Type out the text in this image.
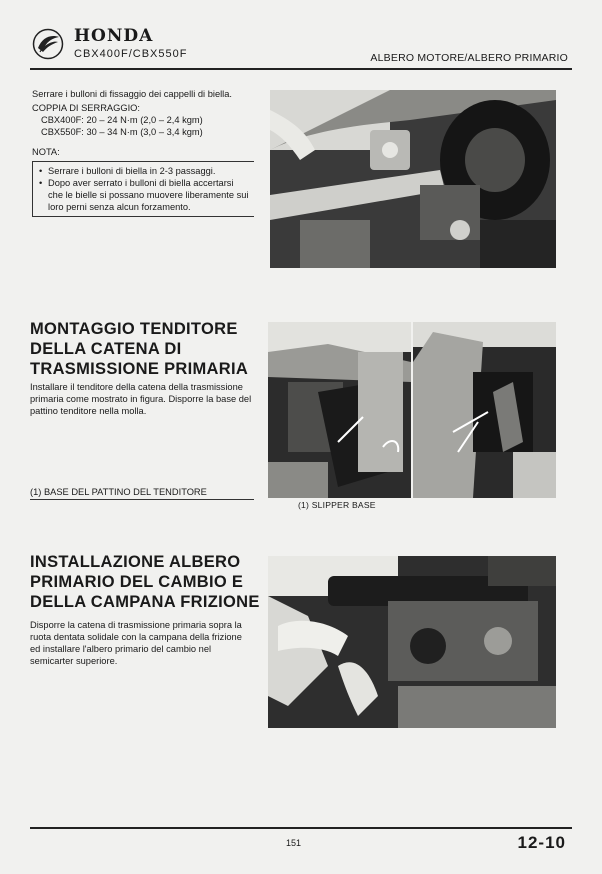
HONDA
CBX400F/CBX550F	ALBERO MOTORE/ALBERO PRIMARIO
Serrare i bulloni di fissaggio dei cappelli di biella.
COPPIA DI SERRAGGIO:
CBX400F: 20 – 24 N·m (2,0 – 2,4 kgm)
CBX550F: 30 – 34 N·m (3,0 – 3,4 kgm)
NOTA:
• Serrare i bulloni di biella in 2-3 passaggi.
• Dopo aver serrato i bulloni di biella accertarsi che le bielle si possano muovere liberamente sui loro perni senza alcun forzamento.
MONTAGGIO TENDITORE DELLA CATENA DI TRASMISSIONE PRIMARIA
Installare il tenditore della catena della trasmissione primaria come mostrato in figura. Disporre la base del pattino tenditore nella molla.
(1) BASE DEL PATTINO DEL TENDITORE
(1) SLIPPER BASE
INSTALLAZIONE ALBERO PRIMARIO DEL CAMBIO E DELLA CAMPANA FRIZIONE
Disporre la catena di trasmissione primaria sopra la ruota dentata solidale con la campana della frizione ed installare l'albero primario del cambio nel semicarter superiore.
151	12-10
